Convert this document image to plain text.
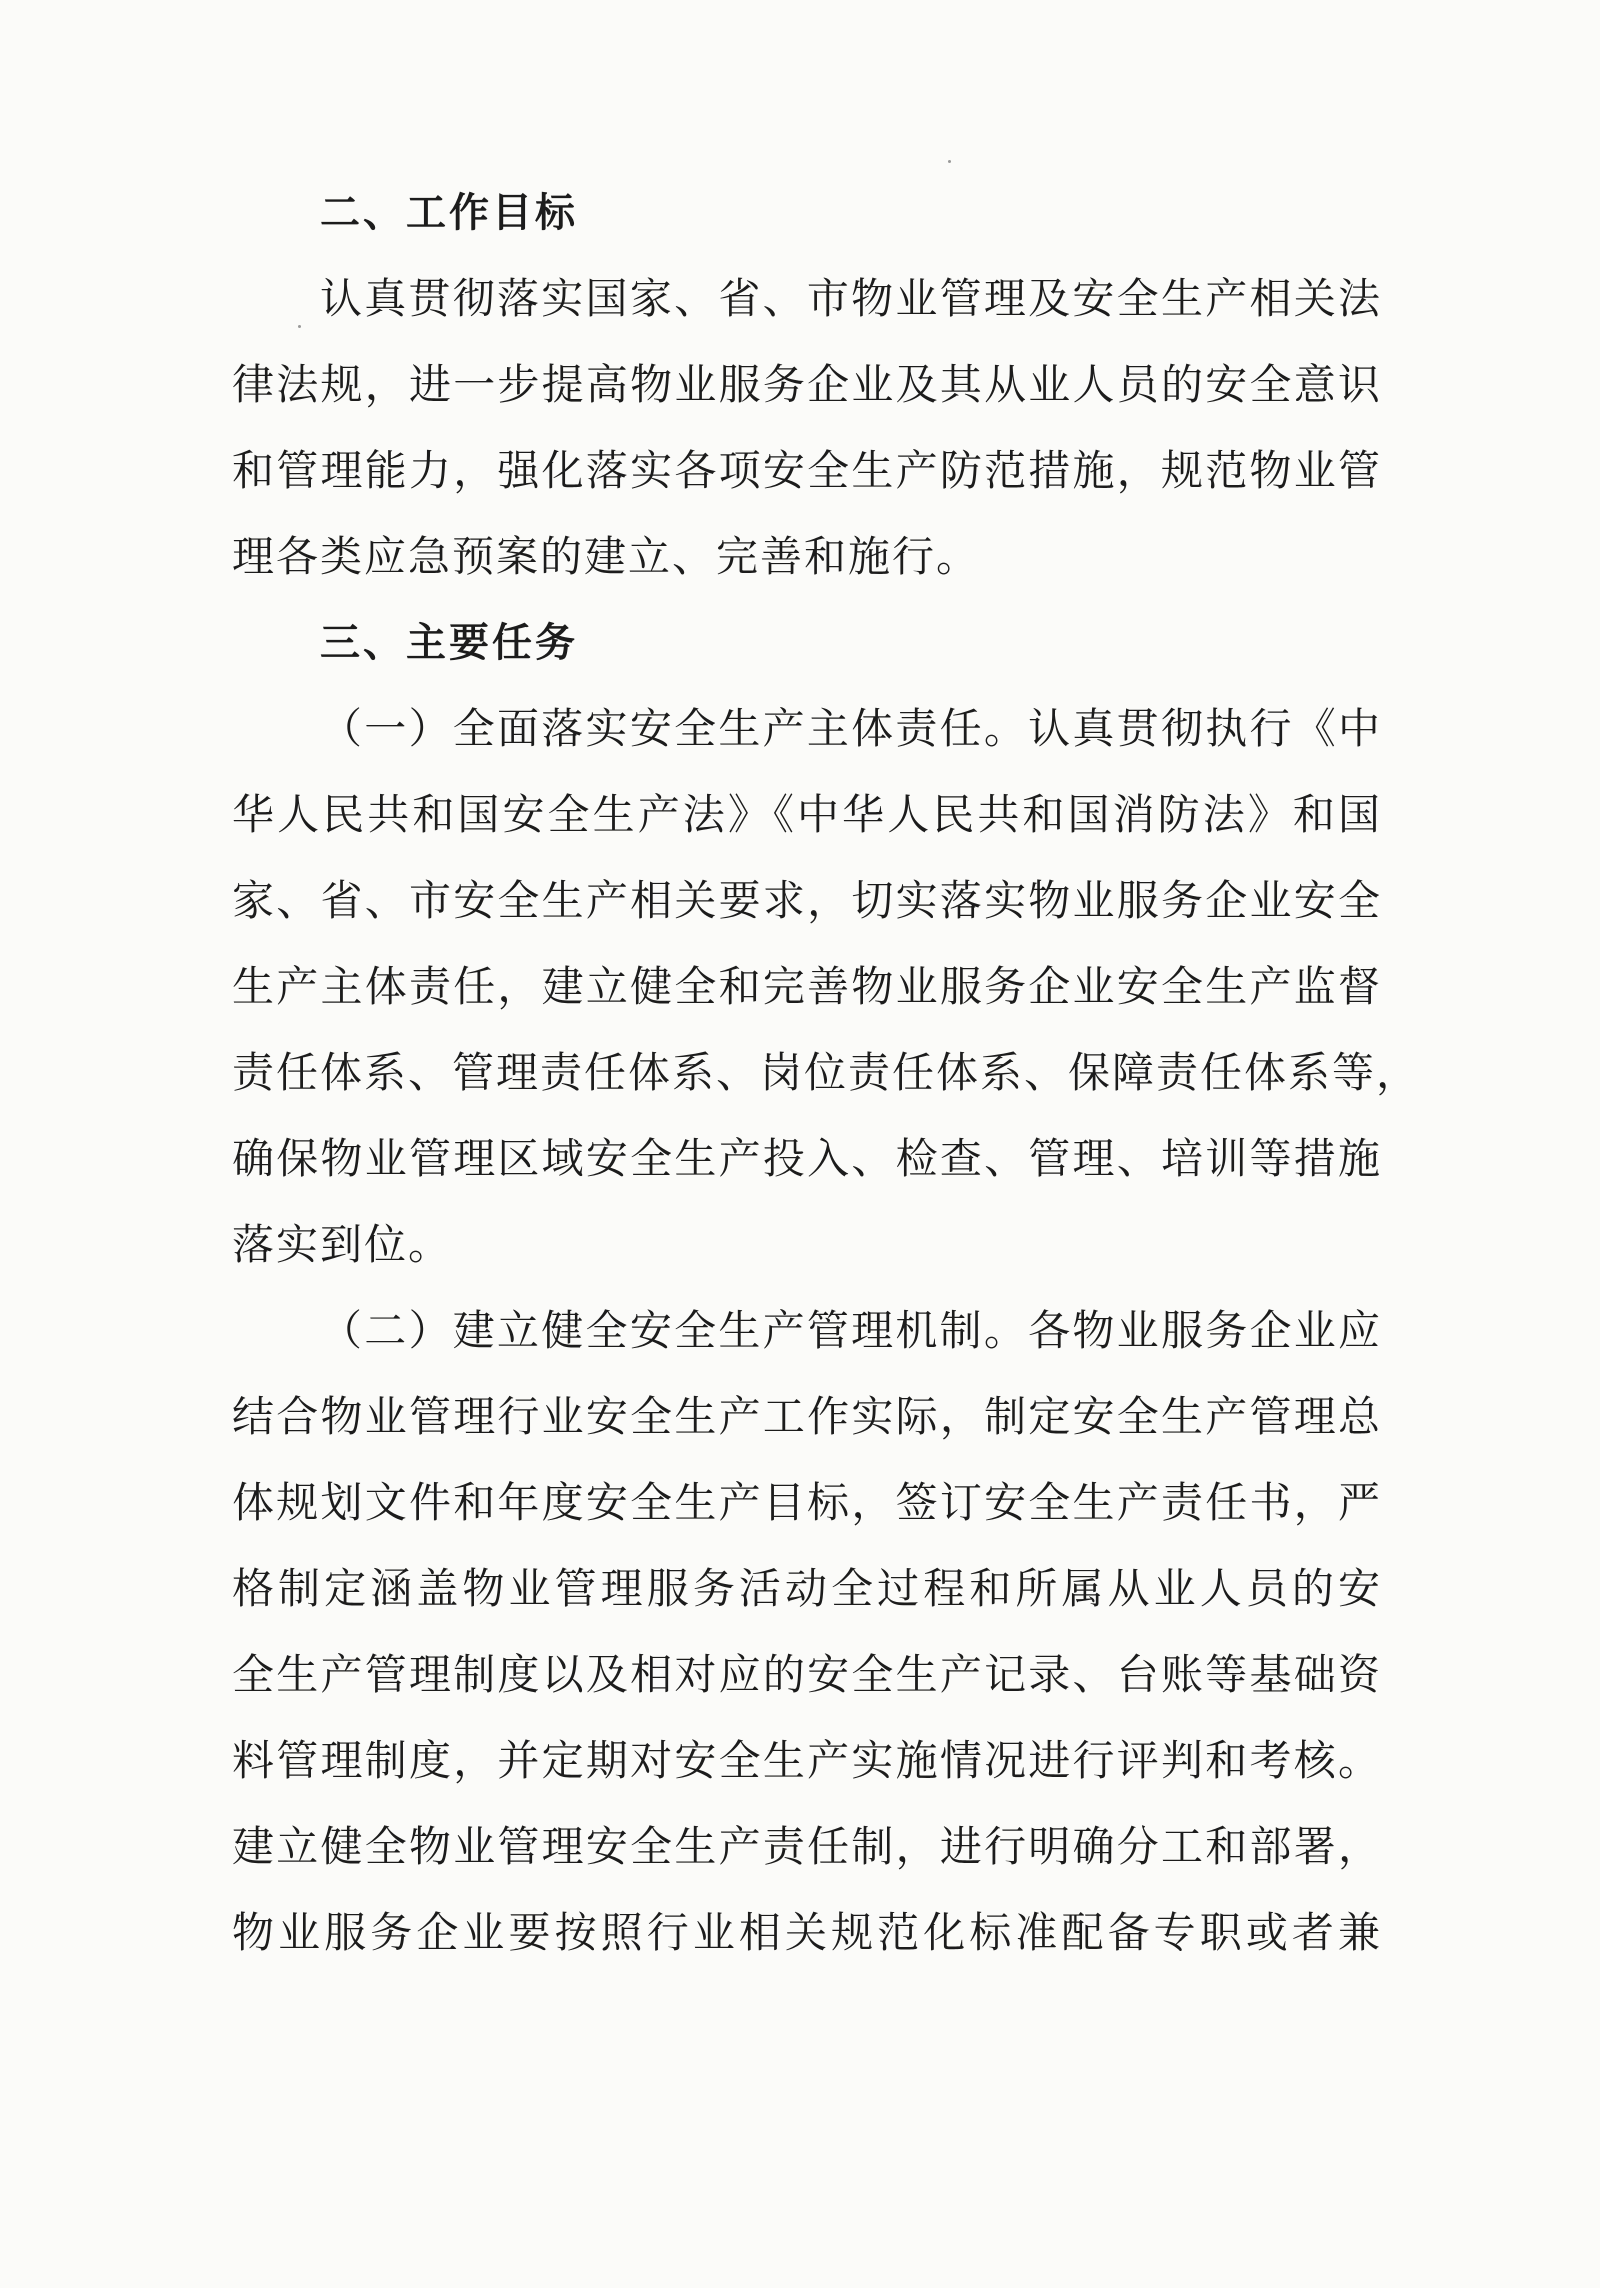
二、工作目标
认真贯彻落实国家、省、市物业管理及安全生产相关法
律法规，进一步提高物业服务企业及其从业人员的安全意识
和管理能力，强化落实各项安全生产防范措施，规范物业管
理各类应急预案的建立、完善和施行。
三、主要任务
（一）全面落实安全生产主体责任。认真贯彻执行《中
华人民共和国安全生产法》《中华人民共和国消防法》和国
家、省、市安全生产相关要求，切实落实物业服务企业安全
生产主体责任，建立健全和完善物业服务企业安全生产监督
责任体系、管理责任体系、岗位责任体系、保障责任体系等，
确保物业管理区域安全生产投入、检查、管理、培训等措施
落实到位。
（二）建立健全安全生产管理机制。各物业服务企业应
结合物业管理行业安全生产工作实际，制定安全生产管理总
体规划文件和年度安全生产目标，签订安全生产责任书，严
格制定涵盖物业管理服务活动全过程和所属从业人员的安
全生产管理制度以及相对应的安全生产记录、台账等基础资
料管理制度，并定期对安全生产实施情况进行评判和考核。
建立健全物业管理安全生产责任制，进行明确分工和部署，
物业服务企业要按照行业相关规范化标准配备专职或者兼
